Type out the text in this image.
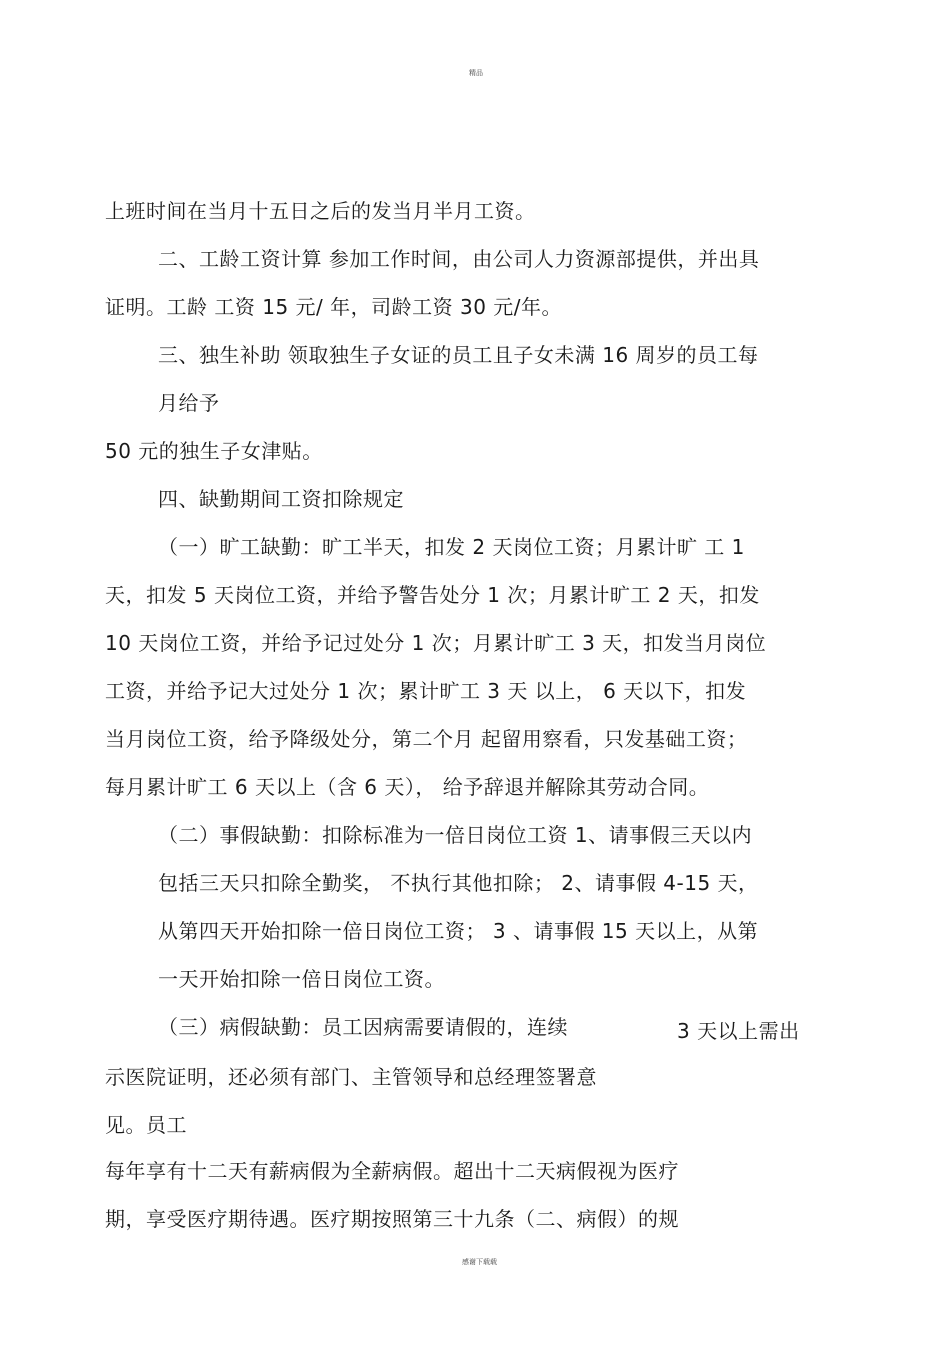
精品
上班时间在当月十五日之后的发当月半月工资。
二、工龄工资计算 参加工作时间，由公司人力资源部提供，并出具
证明。工龄 工资 15 元/ 年，司龄工资 30 元/年。
三、独生补助 领取独生子女证的员工且子女未满 16 周岁的员工每
月给予
50 元的独生子女津贴。
四、缺勤期间工资扣除规定
（一）旷工缺勤：旷工半天，扣发 2 天岗位工资；月累计旷 工 1
天，扣发 5 天岗位工资，并给予警告处分 1 次；月累计旷工 2 天，扣发
10 天岗位工资，并给予记过处分 1 次；月累计旷工 3 天，扣发当月岗位
工资，并给予记大过处分 1 次；累计旷工 3 天 以上， 6 天以下，扣发
当月岗位工资，给予降级处分，第二个月 起留用察看，只发基础工资；
每月累计旷工 6 天以上（含 6 天）， 给予辞退并解除其劳动合同。
（二）事假缺勤：扣除标准为一倍日岗位工资 1、请事假三天以内
包括三天只扣除全勤奖， 不执行其他扣除； 2、请事假 4-15 天，
从第四天开始扣除一倍日岗位工资； 3 、请事假 15 天以上，从第
一天开始扣除一倍日岗位工资。
（三）病假缺勤：员工因病需要请假的，连续	3 天以上需出
示医院证明，还必须有部门、主管领导和总经理签署意
见。员工
每年享有十二天有薪病假为全薪病假。超出十二天病假视为医疗
期，享受医疗期待遇。医疗期按照第三十九条（二、病假）的规
感谢下载载
